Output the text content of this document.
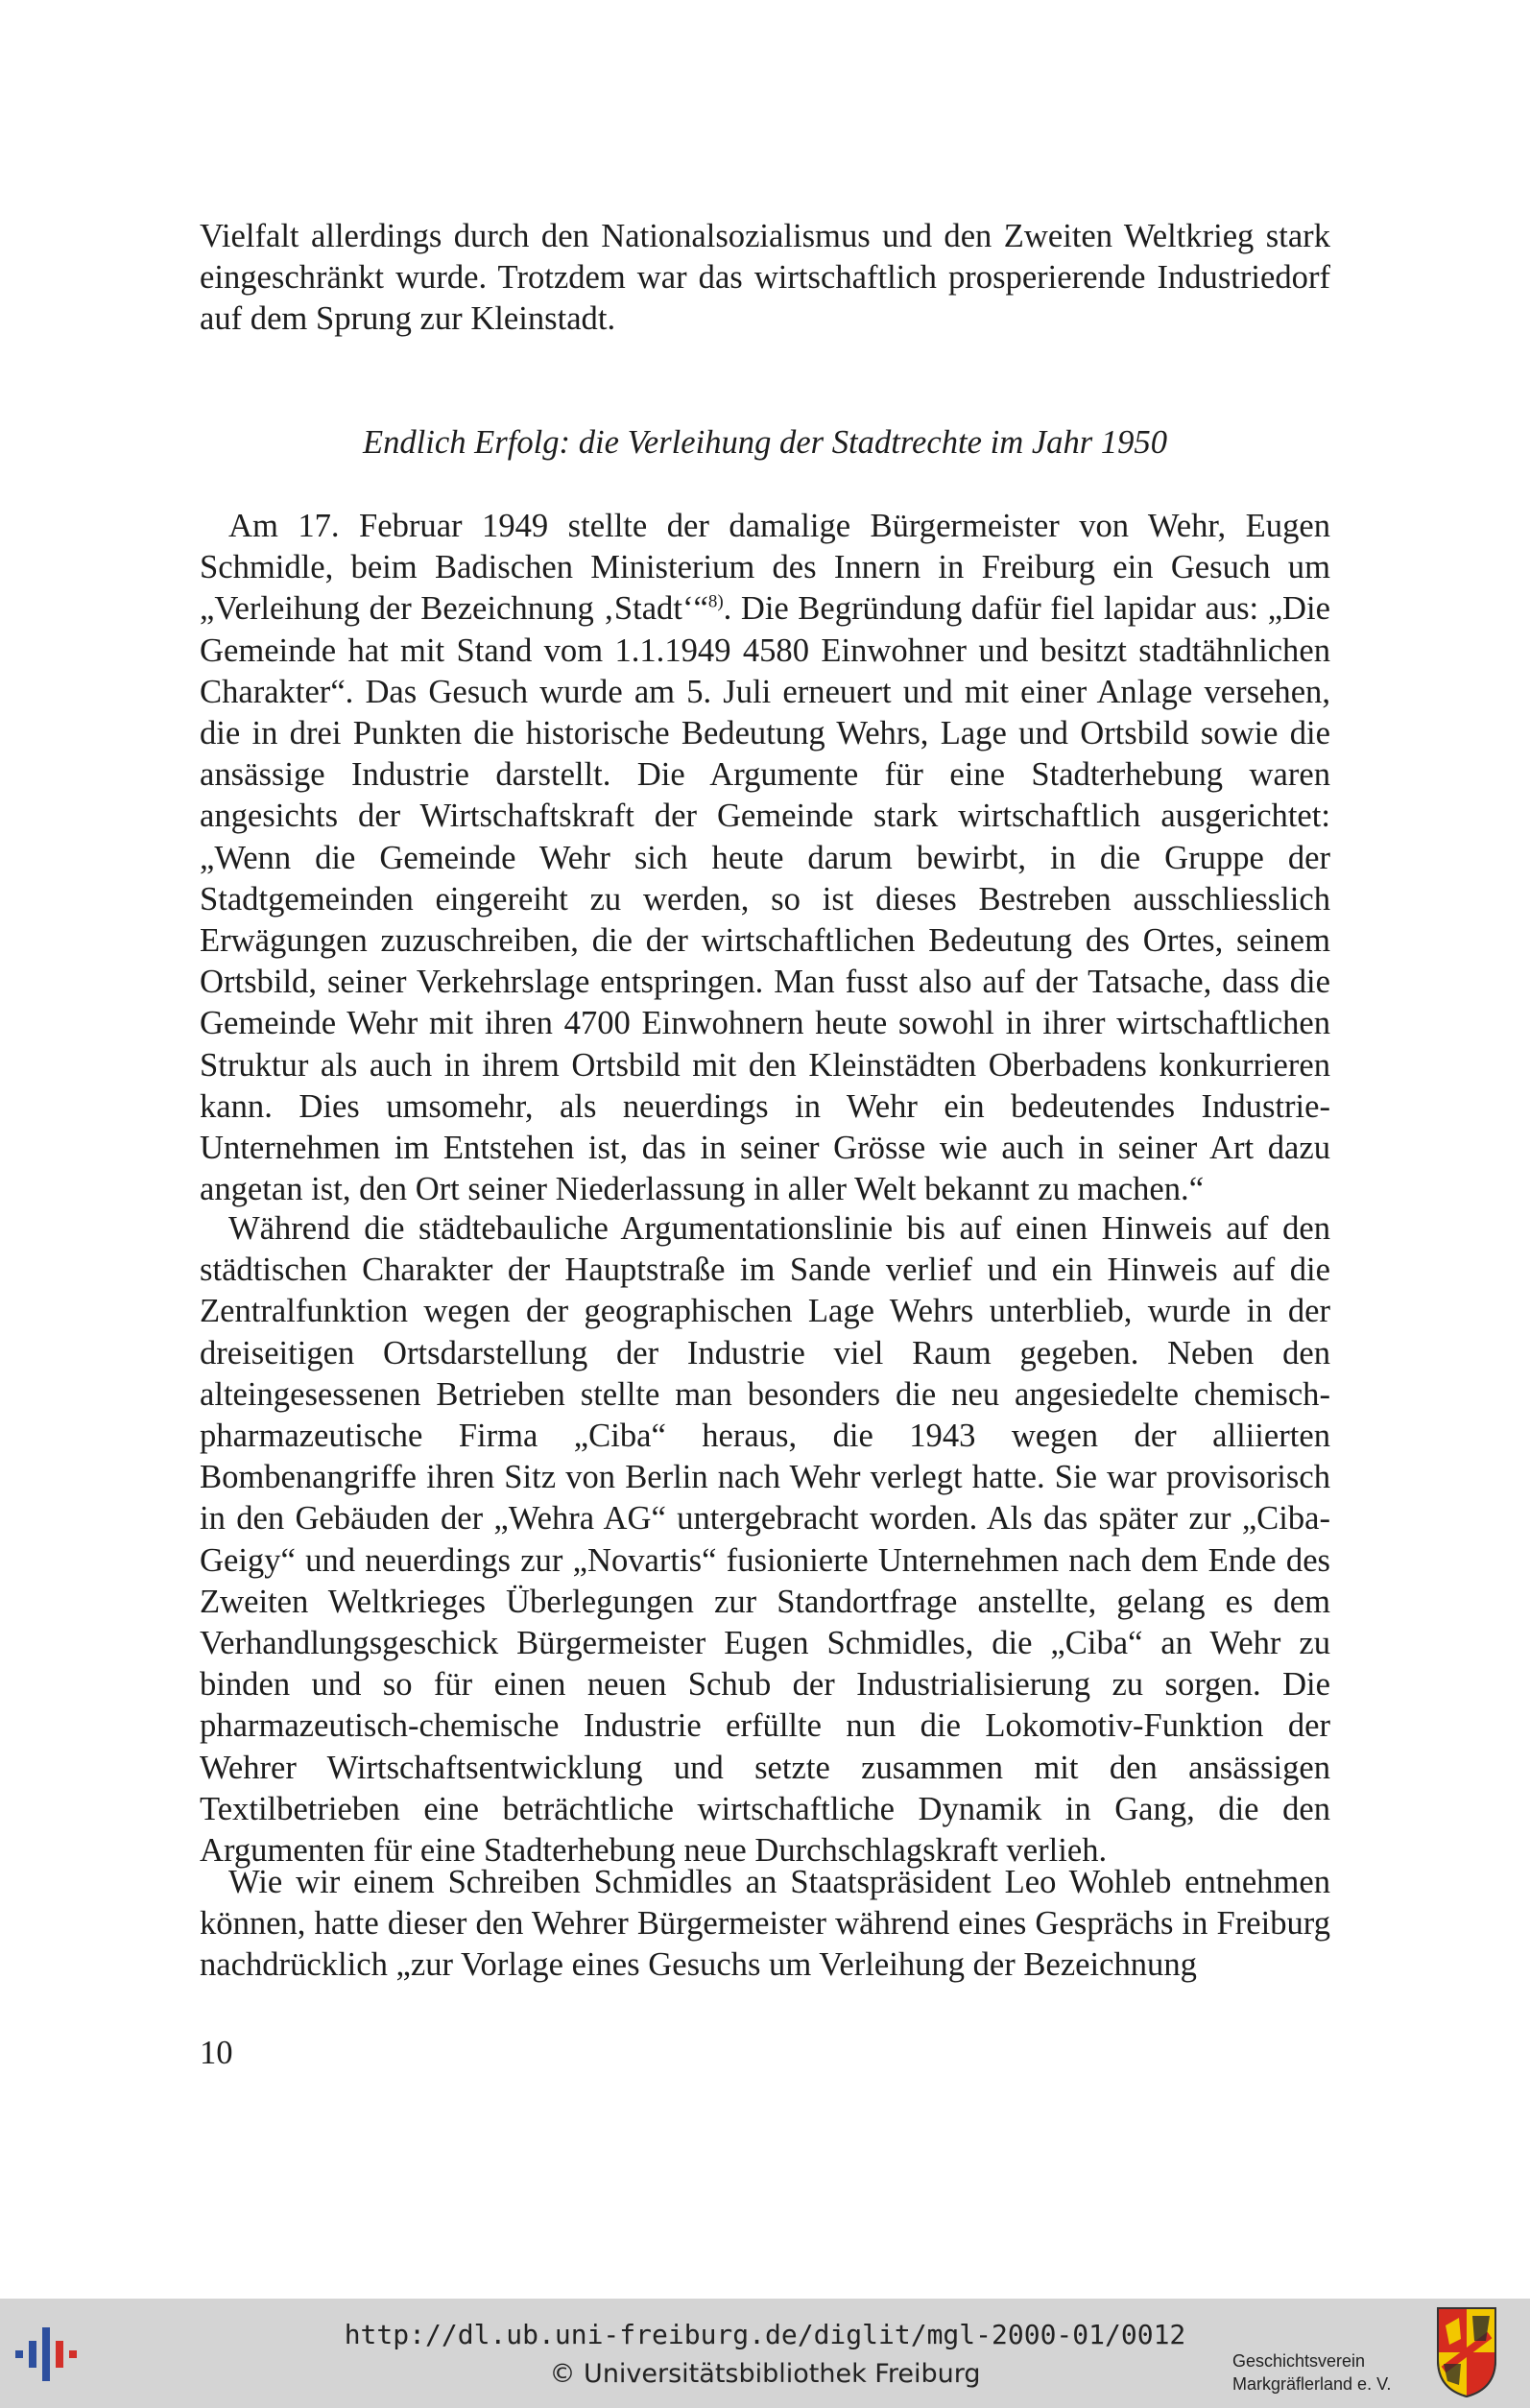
Vielfalt allerdings durch den Nationalsozialismus und den Zweiten Weltkrieg stark eingeschränkt wurde. Trotzdem war das wirtschaftlich prosperierende Industriedorf auf dem Sprung zur Kleinstadt.

Endlich Erfolg: die Verleihung der Stadtrechte im Jahr 1950

Am 17. Februar 1949 stellte der damalige Bürgermeister von Wehr, Eugen Schmidle, beim Badischen Ministerium des Innern in Freiburg ein Gesuch um „Verleihung der Bezeichnung ‚Stadt‘“$^{8)}$. Die Begründung dafür fiel lapidar aus: „Die Gemeinde hat mit Stand vom 1.1.1949 4580 Einwohner und besitzt stadtähnlichen Charakter“. Das Gesuch wurde am 5. Juli erneuert und mit einer Anlage versehen, die in drei Punkten die historische Bedeutung Wehrs, Lage und Ortsbild sowie die ansässige Industrie darstellt. Die Argumente für eine Stadterhebung waren angesichts der Wirtschaftskraft der Gemeinde stark wirtschaftlich ausgerichtet: „Wenn die Gemeinde Wehr sich heute darum bewirbt, in die Gruppe der Stadtgemeinden eingereiht zu werden, so ist dieses Bestreben ausschliesslich Erwägungen zuzuschreiben, die der wirtschaftlichen Bedeutung des Ortes, seinem Ortsbild, seiner Verkehrslage entspringen. Man fusst also auf der Tatsache, dass die Gemeinde Wehr mit ihren 4700 Einwohnern heute sowohl in ihrer wirtschaftlichen Struktur als auch in ihrem Ortsbild mit den Kleinstädten Oberbadens konkurrieren kann. Dies umsomehr, als neuerdings in Wehr ein bedeutendes Industrie-Unternehmen im Entstehen ist, das in seiner Grösse wie auch in seiner Art dazu angetan ist, den Ort seiner Niederlassung in aller Welt bekannt zu machen.“

Während die städtebauliche Argumentationslinie bis auf einen Hinweis auf den städtischen Charakter der Hauptstraße im Sande verlief und ein Hinweis auf die Zentralfunktion wegen der geographischen Lage Wehrs unterblieb, wurde in der dreiseitigen Ortsdarstellung der Industrie viel Raum gegeben. Neben den alteingesessenen Betrieben stellte man besonders die neu angesiedelte chemisch-pharmazeutische Firma „Ciba“ heraus, die 1943 wegen der alliierten Bombenangriffe ihren Sitz von Berlin nach Wehr verlegt hatte. Sie war provisorisch in den Gebäuden der „Wehra AG“ untergebracht worden. Als das später zur „Ciba-Geigy“ und neuerdings zur „Novartis“ fusionierte Unternehmen nach dem Ende des Zweiten Weltkrieges Überlegungen zur Standortfrage anstellte, gelang es dem Verhandlungsgeschick Bürgermeister Eugen Schmidles, die „Ciba“ an Wehr zu binden und so für einen neuen Schub der Industrialisierung zu sorgen. Die pharmazeutisch-chemische Industrie erfüllte nun die Lokomotiv-Funktion der Wehrer Wirtschaftsentwicklung und setzte zusammen mit den ansässigen Textilbetrieben eine beträchtliche wirtschaftliche Dynamik in Gang, die den Argumenten für eine Stadterhebung neue Durchschlagskraft verlieh.

Wie wir einem Schreiben Schmidles an Staatspräsident Leo Wohleb entnehmen können, hatte dieser den Wehrer Bürgermeister während eines Gesprächs in Freiburg nachdrücklich „zur Vorlage eines Gesuchs um Verleihung der Bezeichnung

10
http://dl.ub.uni-freiburg.de/diglit/mgl-2000-01/0012
© Universitätsbibliothek Freiburg	Geschichtsverein
Markgräflerland e. V.
